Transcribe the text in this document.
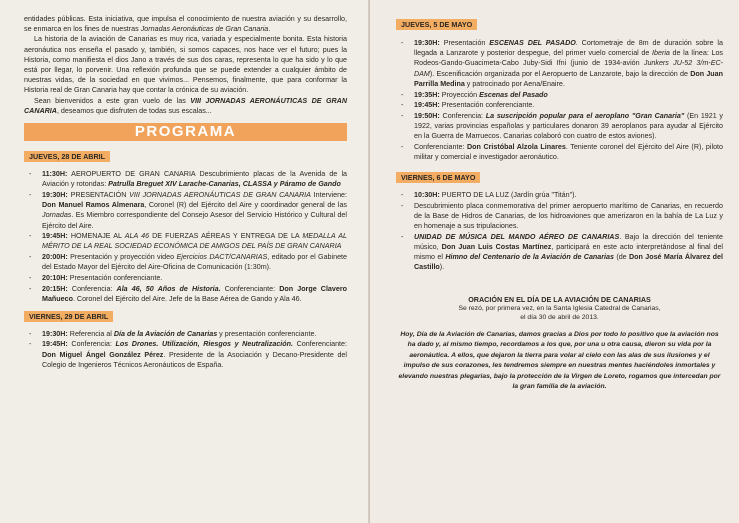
entidades públicas. Esta iniciativa, que impulsa el conocimiento de nuestra aviación y su desarrollo, se enmarca en los fines de nuestras Jornadas Aeronáuticas de Gran Canaria.

La historia de la aviación de Canarias es muy rica, variada y especialmente bonita. Esta historia aeronáutica nos enseña el pasado y, también, si somos capaces, nos hace ver el futuro; pues la Historia, como manifiesta el dios Jano a través de sus dos caras, representa lo que ha sido y lo que está por llegar, lo porvenir. Una reflexión profunda que se puede extender a cualquier ámbito de nuestras vidas, de la sociedad en que vivimos... Pensemos, finalmente, que para conformar la Historia real de Gran Canaria hay que contar la crónica de su aviación.

Sean bienvenidos a este gran vuelo de las VIII JORNADAS AERONÁUTICAS DE GRAN CANARIA, deseamos que disfruten de todas sus escalas...

PROGRAMA
JUEVES, 28 DE ABRIL
- 11:30H: AEROPUERTO DE GRAN CANARIA Descubrimiento placas de la Avenida de la Aviación y rotondas: Patrulla Breguet XIV Larache-Canarias, CLASSA y Páramo de Gando
- 19:30H: PRESENTACIÓN VIII JORNADAS AERONÁUTICAS DE GRAN CANARIA Interviene: Don Manuel Ramos Almenara, Coronel (R) del Ejército del Aire y coordinador general de las Jornadas. Es Miembro correspondiente del Consejo Asesor del Servicio Histórico y Cultural del Ejército del Aire.
- 19:45H: HOMENAJE AL ALA 46 DE FUERZAS AÉREAS Y ENTREGA DE LA MEDALLA AL MÉRITO DE LA REAL SOCIEDAD ECONÓMICA DE AMIGOS DEL PAÍS DE GRAN CANARIA
- 20:00H: Presentación y proyección video Ejercicios DACT/CANARIAS, editado por el Gabinete del Estado Mayor del Ejército del Aire-Oficina de Comunicación (1:30m).
- 20:10H: Presentación conferenciante.
- 20:15H: Conferencia: Ala 46, 50 Años de Historia. Conferenciante: Don Jorge Clavero Mañueco. Coronel del Ejército del Aire. Jefe de la Base Aérea de Gando y Ala 46.
VIERNES, 29 DE ABRIL
- 19:30H: Referencia al Día de la Aviación de Canarias y presentación conferenciante.
- 19:45H: Conferencia: Los Drones. Utilización, Riesgos y Neutralización. Conferenciante: Don Miguel Ángel González Pérez. Presidente de la Asociación y Decano-Presidente del Colegio de Ingenieros Técnicos Aeronáuticos de España.
JUEVES, 5 DE MAYO
- 19:30H: Presentación ESCENAS DEL PASADO. Cortometraje de 8m de duración sobre la llegada a Lanzarote y posterior despegue, del primer vuelo comercial de Iberia de la línea: Los Rodeos-Gando-Guacimeta-Cabo Juby-Sidi Ifni (junio de 1934-avión Junkers JU-52 3/m-EC-DAM). Escenificación organizada por el Aeropuerto de Lanzarote, bajo la dirección de Don Juan Parrilla Medina y patrocinado por Aena/Enaire.
- 19:35H: Proyección Escenas del Pasado
- 19:45H: Presentación conferenciante.
- 19:50H: Conferencia: La suscripción popular para el aeroplano "Gran Canaria" (En 1921 y 1922, varias provincias españolas y particulares donaron 39 aeroplanos para ayudar al Ejército en la Guerra de Marruecos. Canarias colaboró con cuatro de estos aviones).
- Conferenciante: Don Cristóbal Alzola Linares. Teniente coronel del Ejército del Aire (R), piloto militar y comercial e investigador aeronáutico.
VIERNES, 6 DE MAYO
- 10:30H: PUERTO DE LA LUZ (Jardín grúa "Titán").
- Descubrimiento placa conmemorativa del primer aeropuerto marítimo de Canarias, en recuerdo de la Base de Hidros de Canarias, de los hidroaviones que amerizaron en la bahía de La Luz y en homenaje a sus tripulaciones.
- UNIDAD DE MÚSICA DEL MANDO AÉREO DE CANARIAS. Bajo la dirección del teniente músico, Don Juan Luis Costas Martínez, participará en este acto interpretándose al final del mismo el Himno del Centenario de la Aviación de Canarias (de Don José María Álvarez del Castillo).
ORACIÓN EN EL DÍA DE LA AVIACIÓN DE CANARIAS
Se rezó, por primera vez, en la Santa Iglesia Catedral de Canarias,
el día 30 de abril de 2013.
Hoy, Día de la Aviación de Canarias, damos gracias a Dios por todo lo positivo que la aviación nos ha dado y, al mismo tiempo, recordamos a los que, por una u otra causa, dieron su vida por la aeronáutica. A ellos, que dejaron la tierra para volar al cielo con las alas de sus ilusiones y el impulso de sus corazones, les tendremos siempre en nuestras mentes haciéndoles inmortales y elevando nuestras plegarias, bajo la protección de la Virgen de Loreto, rogamos que intercedan por la gran familia de la aviación.
